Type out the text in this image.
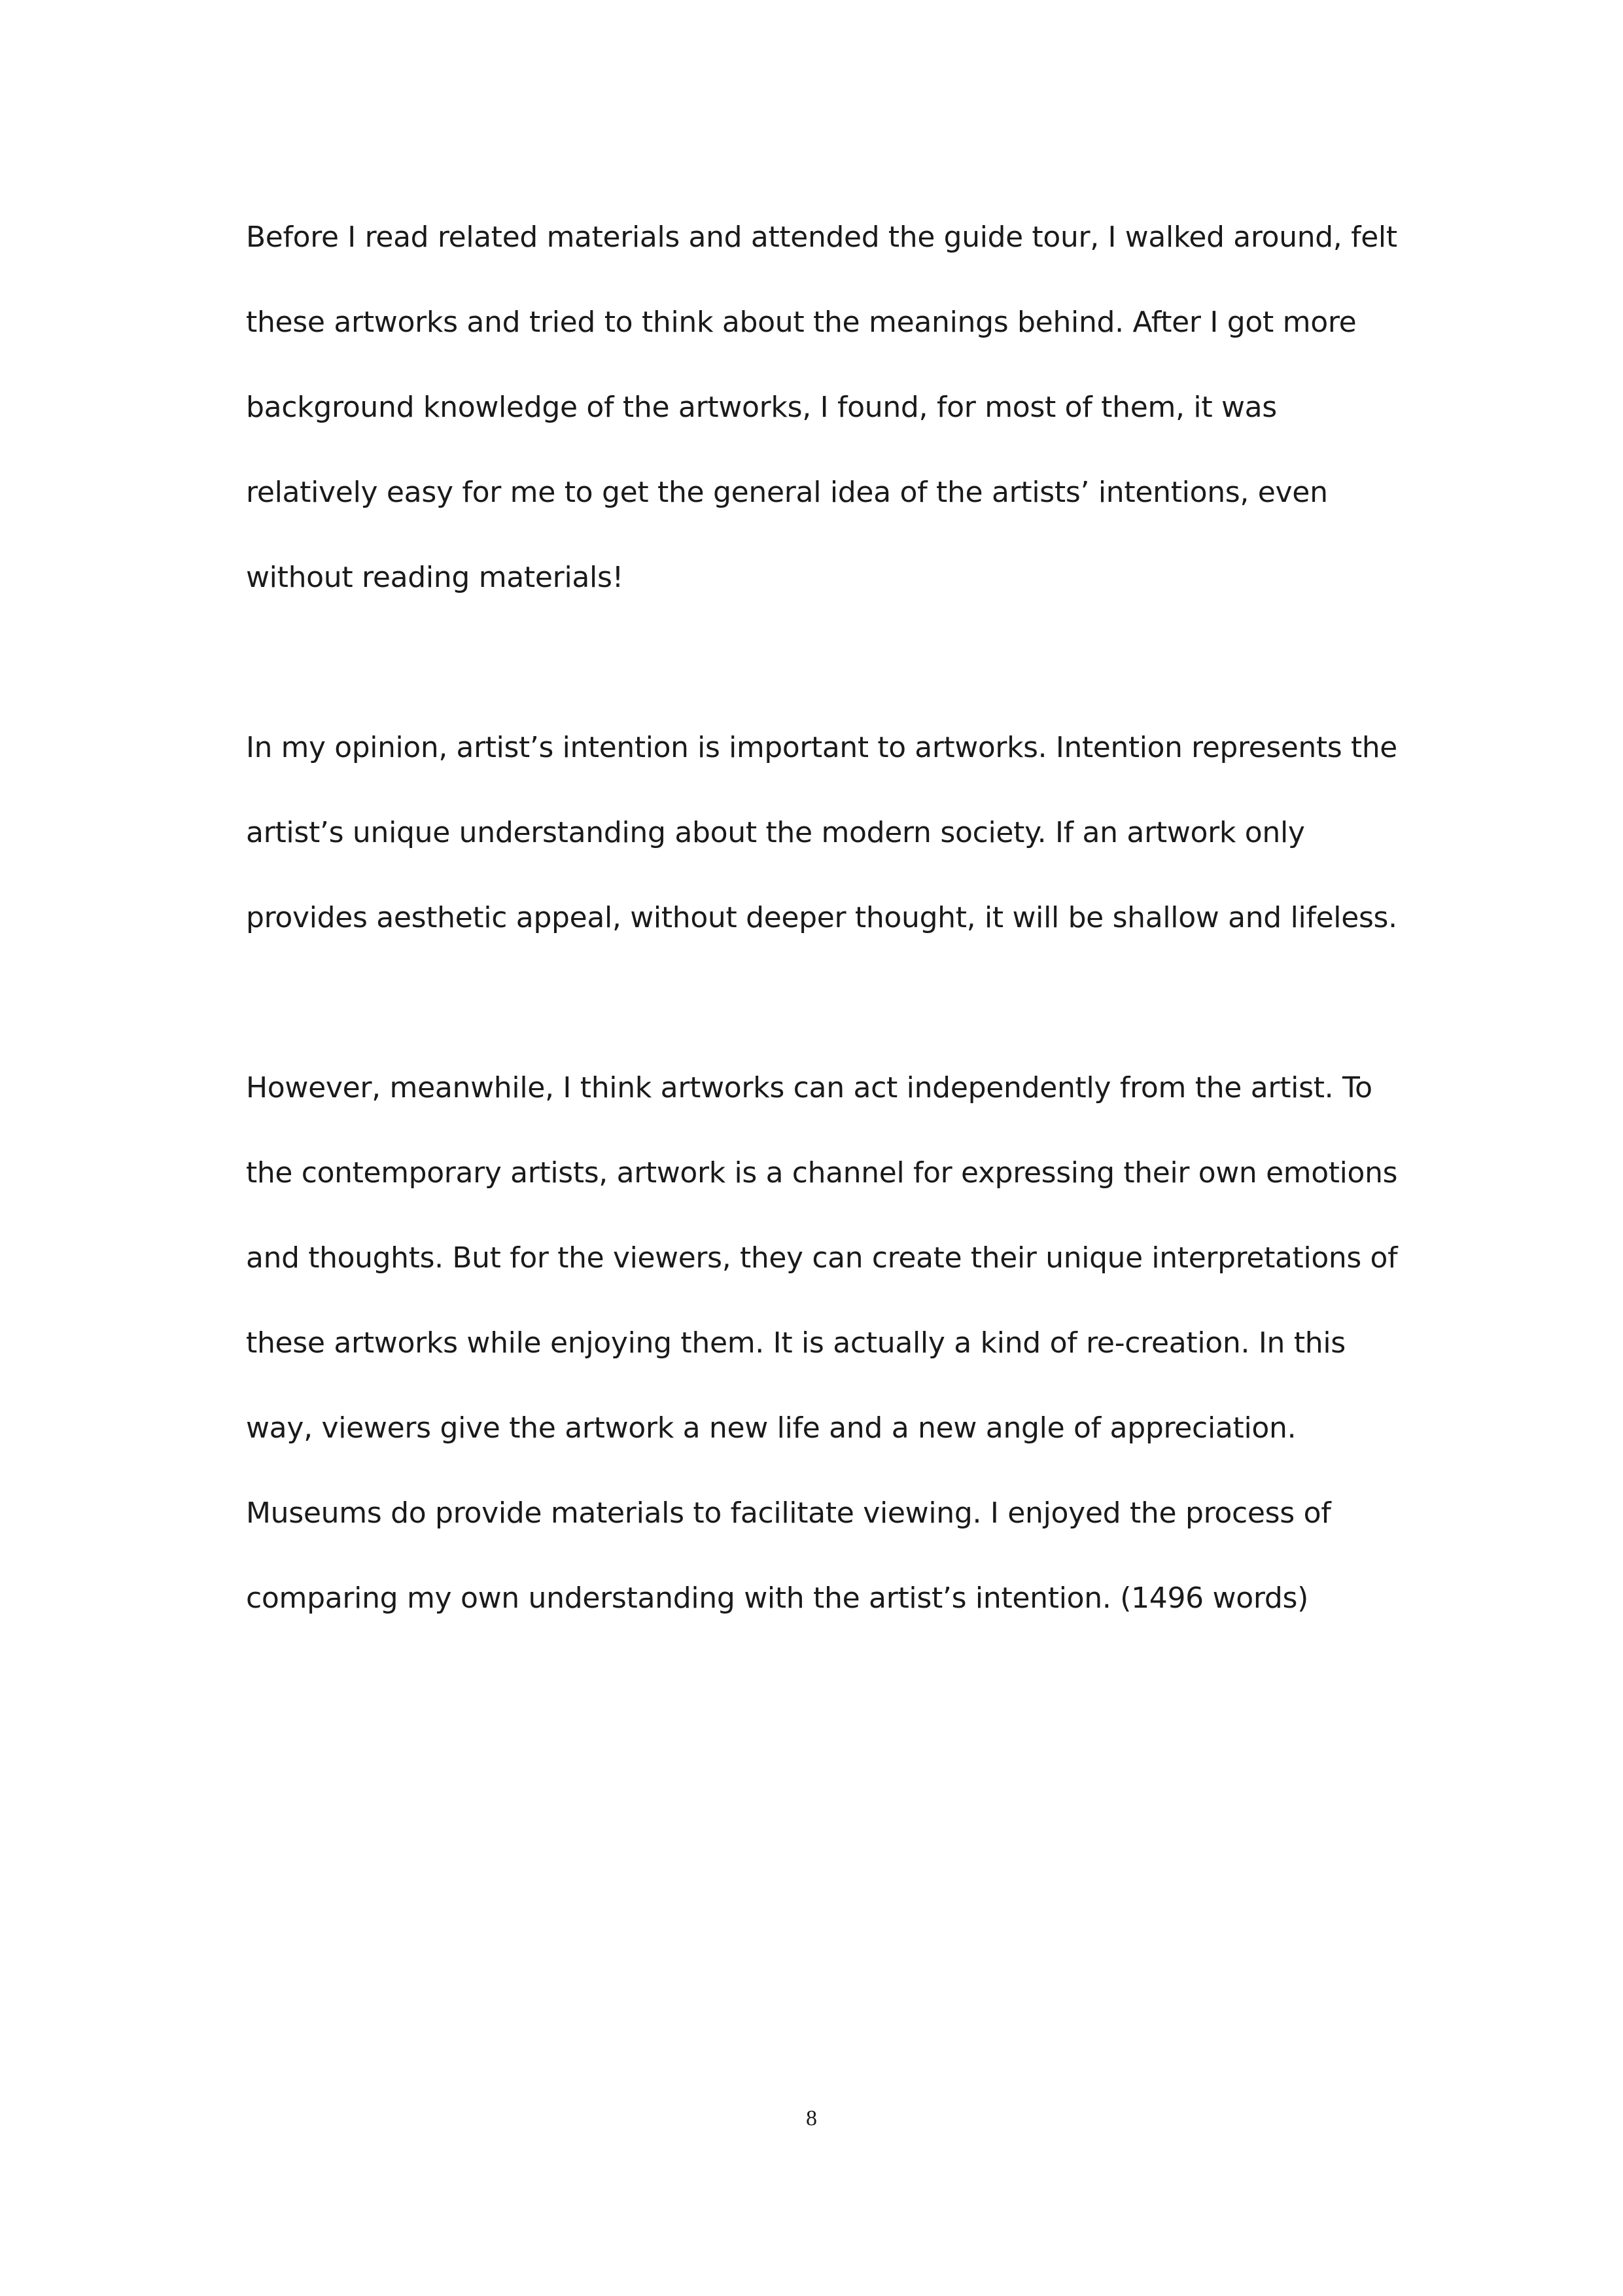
Before I read related materials and attended the guide tour, I walked around, felt
these artworks and tried to think about the meanings behind. After I got more
background knowledge of the artworks, I found, for most of them, it was
relatively easy for me to get the general idea of the artists’ intentions, even
without reading materials!
In my opinion, artist’s intention is important to artworks. Intention represents the
artist’s unique understanding about the modern society. If an artwork only
provides aesthetic appeal, without deeper thought, it will be shallow and lifeless.
However, meanwhile, I think artworks can act independently from the artist. To
the contemporary artists, artwork is a channel for expressing their own emotions
and thoughts. But for the viewers, they can create their unique interpretations of
these artworks while enjoying them. It is actually a kind of re-creation. In this
way, viewers give the artwork a new life and a new angle of appreciation.
Museums do provide materials to facilitate viewing. I enjoyed the process of
comparing my own understanding with the artist’s intention. (1496 words)
8
